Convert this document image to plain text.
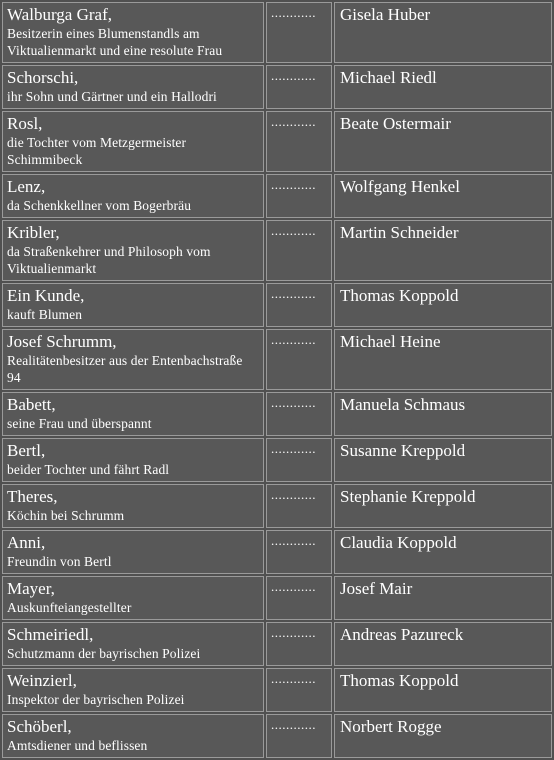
Walburga Graf,
Besitzerin eines Blumenstandls am Viktualienmarkt und eine resolute Frau	............	Gisela Huber

Schorschi,
ihr Sohn und Gärtner und ein Hallodri	............	Michael Riedl

Rosl,
die Tochter vom Metzgermeister Schimmibeck	............	Beate Ostermair

Lenz,
da Schenkkellner vom Bogerbräu	............	Wolfgang Henkel

Kribler,
da Straßenkehrer und Philosoph vom Viktualienmarkt	............	Martin Schneider

Ein Kunde,
kauft Blumen	............	Thomas Koppold

Josef Schrumm,
Realitätenbesitzer aus der Entenbachstraße 94	............	Michael Heine

Babett,
seine Frau und überspannt	............	Manuela Schmaus

Bertl,
beider Tochter und fährt Radl	............	Susanne Kreppold

Theres,
Köchin bei Schrumm	............	Stephanie Kreppold

Anni,
Freundin von Bertl	............	Claudia Koppold

Mayer,
Auskunfteiangestellter	............	Josef Mair

Schmeiriedl,
Schutzmann der bayrischen Polizei	............	Andreas Pazureck

Weinzierl,
Inspektor der bayrischen Polizei	............	Thomas Koppold

Schöberl,
Amtsdiener und beflissen	............	Norbert Rogge
